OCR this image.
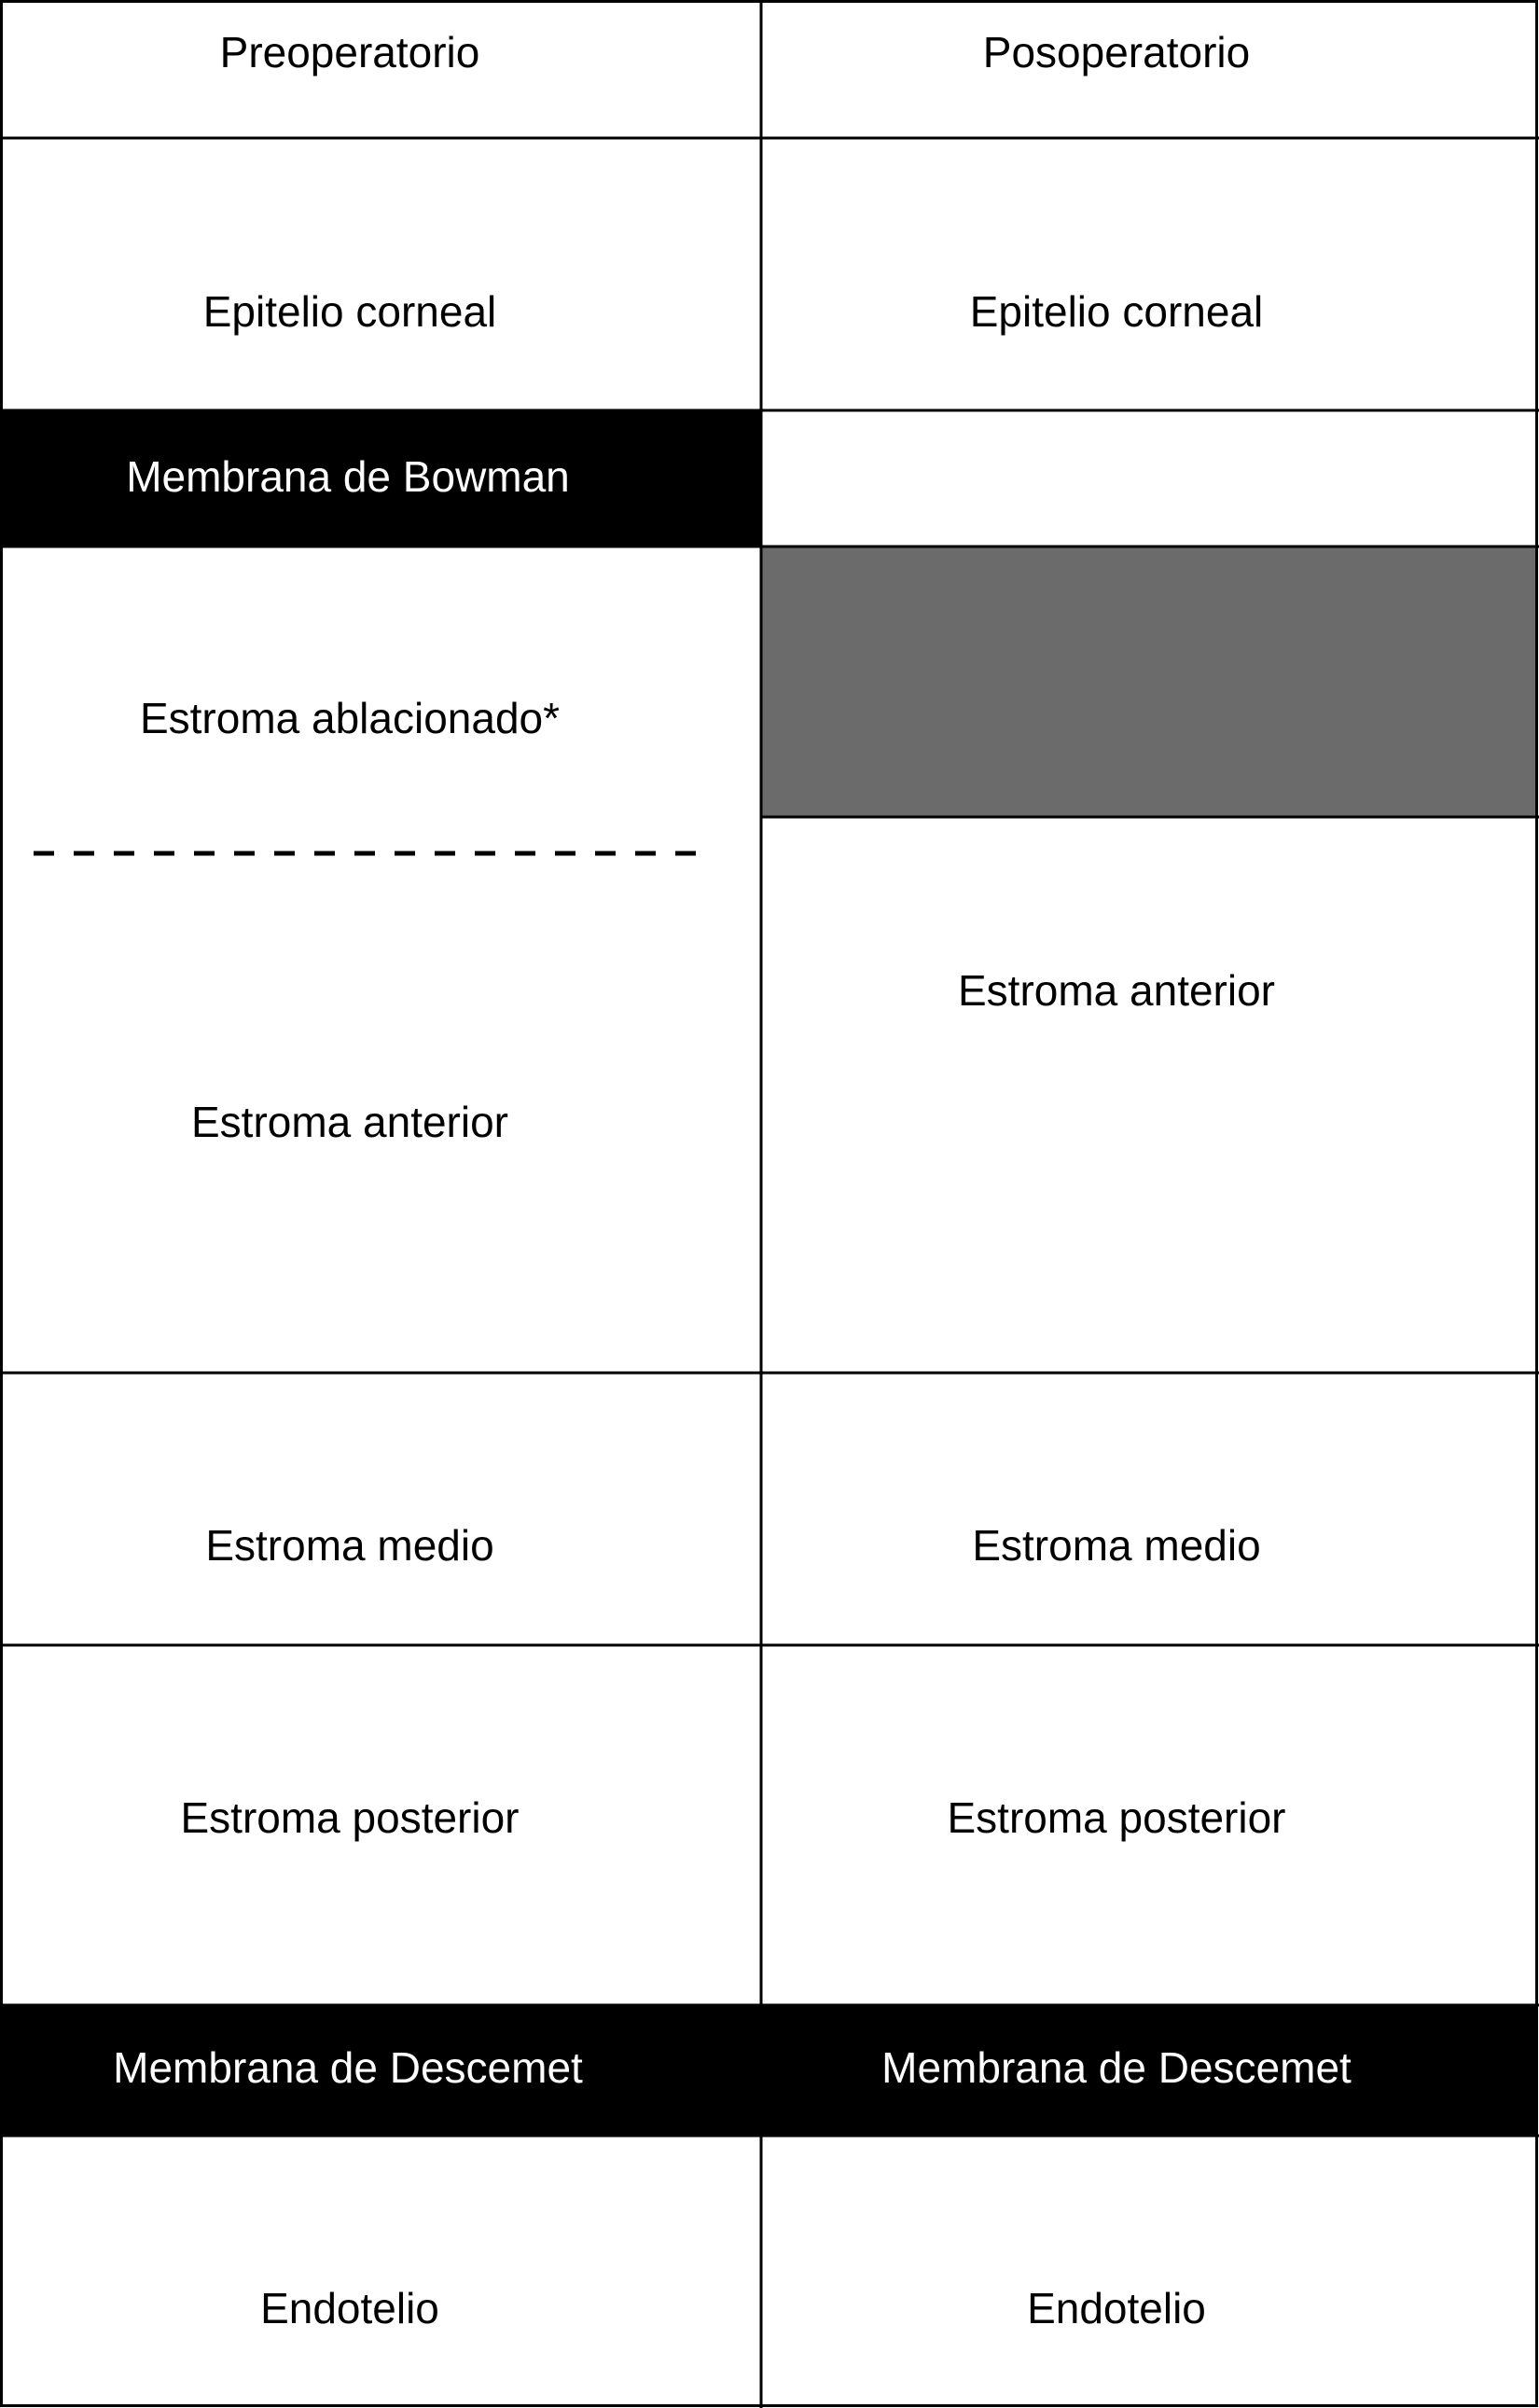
Preoperatorio	Posoperatorio
Epitelio corneal
Membrana de Bowman
Estroma ablacionado*
Estroma anterior
Estroma medio
Estroma posterior
Membrana de Descemet
Endotelio
Epitelio corneal
Estroma anterior
Estroma medio
Estroma posterior
Membrana de Descemet
Endotelio
